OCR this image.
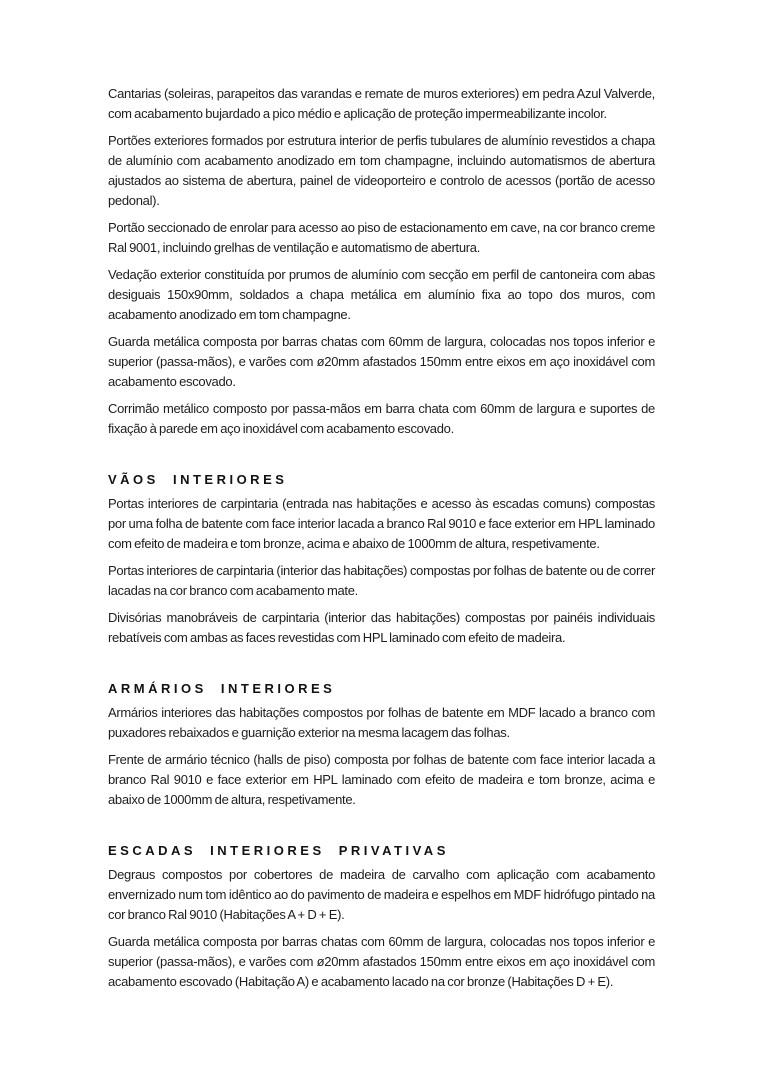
Cantarias (soleiras, parapeitos das varandas e remate de muros exteriores) em pedra Azul Valverde, com acabamento bujardado a pico médio e aplicação de proteção impermeabilizante incolor.

Portões exteriores formados por estrutura interior de perfis tubulares de alumínio revestidos a chapa de alumínio com acabamento anodizado em tom champagne, incluindo automatismos de abertura ajustados ao sistema de abertura, painel de videoporteiro e controlo de acessos (portão de acesso pedonal).

Portão seccionado de enrolar para acesso ao piso de estacionamento em cave, na cor branco creme Ral 9001, incluindo grelhas de ventilação e automatismo de abertura.

Vedação exterior constituída por prumos de alumínio com secção em perfil de cantoneira com abas desiguais 150x90mm, soldados a chapa metálica em alumínio fixa ao topo dos muros, com acabamento anodizado em tom champagne.

Guarda metálica composta por barras chatas com 60mm de largura, colocadas nos topos inferior e superior (passa-mãos), e varões com ø20mm afastados 150mm entre eixos em aço inoxidável com acabamento escovado.

Corrimão metálico composto por passa-mãos em barra chata com 60mm de largura e suportes de fixação à parede em aço inoxidável com acabamento escovado.

VÃOS INTERIORES

Portas interiores de carpintaria (entrada nas habitações e acesso às escadas comuns) compostas por uma folha de batente com face interior lacada a branco Ral 9010 e face exterior em HPL laminado com efeito de madeira e tom bronze, acima e abaixo de 1000mm de altura, respetivamente.

Portas interiores de carpintaria (interior das habitações) compostas por folhas de batente ou de correr lacadas na cor branco com acabamento mate.

Divisórias manobráveis de carpintaria (interior das habitações) compostas por painéis individuais rebatíveis com ambas as faces revestidas com HPL laminado com efeito de madeira.

ARMÁRIOS INTERIORES

Armários interiores das habitações compostos por folhas de batente em MDF lacado a branco com puxadores rebaixados e guarnição exterior na mesma lacagem das folhas.

Frente de armário técnico (halls de piso) composta por folhas de batente com face interior lacada a branco Ral 9010 e face exterior em HPL laminado com efeito de madeira e tom bronze, acima e abaixo de 1000mm de altura, respetivamente.

ESCADAS INTERIORES PRIVATIVAS

Degraus compostos por cobertores de madeira de carvalho com aplicação com acabamento envernizado num tom idêntico ao do pavimento de madeira e espelhos em MDF hidrófugo pintado na cor branco Ral 9010 (Habitações A + D + E).

Guarda metálica composta por barras chatas com 60mm de largura, colocadas nos topos inferior e superior (passa-mãos), e varões com ø20mm afastados 150mm entre eixos em aço inoxidável com acabamento escovado (Habitação A) e acabamento lacado na cor bronze (Habitações D + E).
